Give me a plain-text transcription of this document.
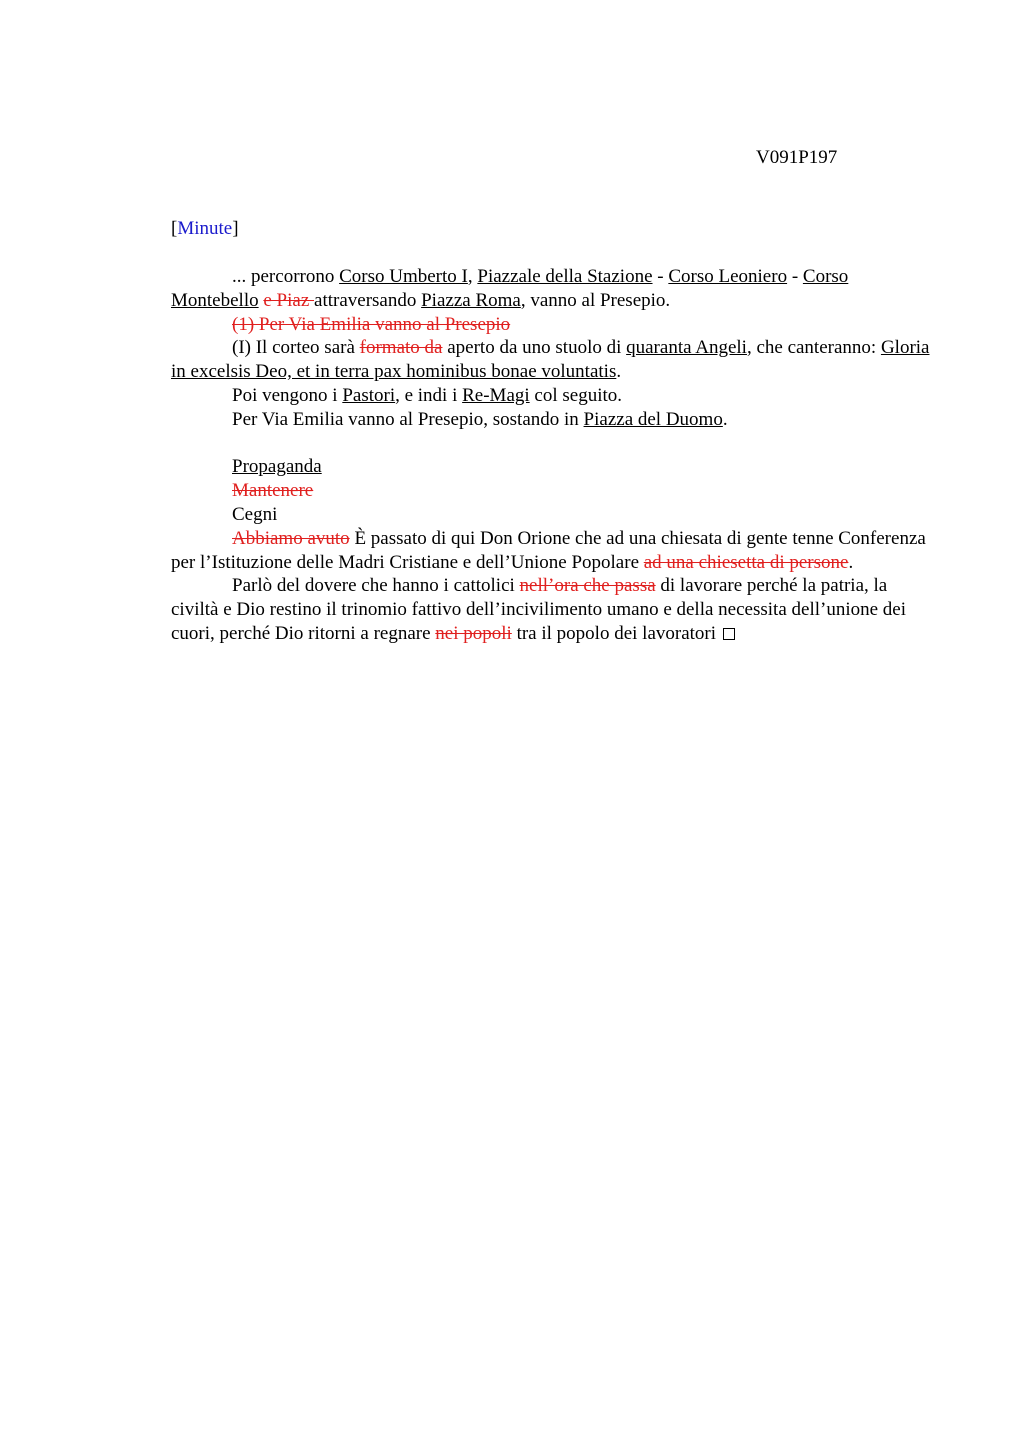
V091P197
[Minute]

... percorrono Corso Umberto I, Piazzale della Stazione - Corso Leoniero - Corso Montebello e Piaz attraversando Piazza Roma, vanno al Presepio.

(1) Per Via Emilia vanno al Presepio

(I) Il corteo sarà formato da aperto da uno stuolo di quaranta Angeli, che canteranno: Gloria in excelsis Deo, et in terra pax hominibus bonae voluntatis.

Poi vengono i Pastori, e indi i Re-Magi col seguito.

Per Via Emilia vanno al Presepio, sostando in Piazza del Duomo.

Propaganda

Mantenere

Cegni

Abbiamo avuto È passato di qui Don Orione che ad una chiesata di gente tenne Conferenza per l’Istituzione delle Madri Cristiane e dell’Unione Popolare ad una chiesetta di persone.

Parlò del dovere che hanno i cattolici nell’ora che passa di lavorare perché la patria, la civiltà e Dio restino il trinomio fattivo dell’incivilimento umano e della necessita dell’unione dei cuori, perché Dio ritorni a regnare nei popoli tra il popolo dei lavoratori
